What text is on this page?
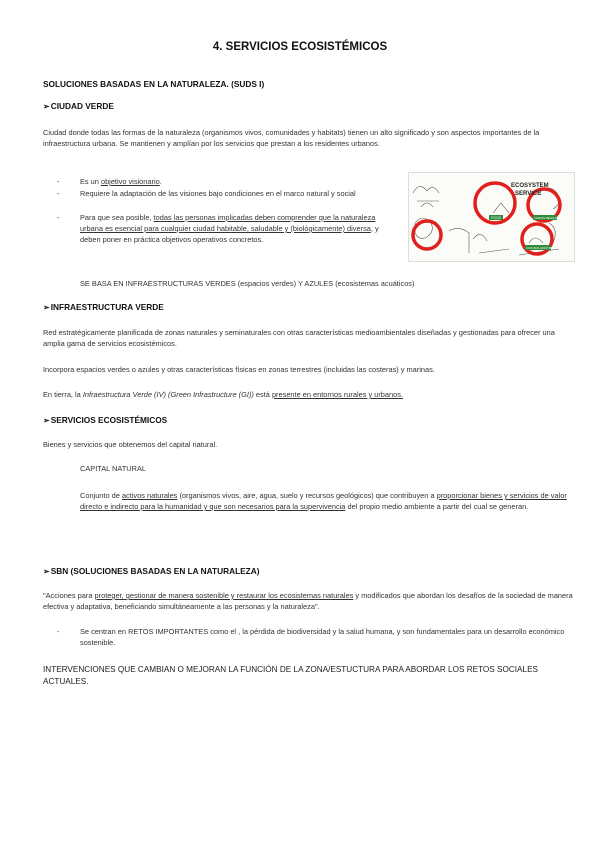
4. SERVICIOS ECOSISTÉMICOS
SOLUCIONES BASADAS EN LA NATURALEZA. (SUDS I)
➢CIUDAD VERDE
Ciudad donde todas las formas de la naturaleza (organismos vivos, comunidades y habitats) tienen un alto significado y son aspectos importantes de la infraestructura urbana. Se mantienen y amplían por los servicios que prestan a los residentes urbanos.
-	Es un objetivo visionario.
-	Requiere la adaptación de las visiones bajo condiciones en el marco natural y social
-	Para que sea posible, todas las personas implicadas deben comprender que la naturaleza urbana es esencial para cualquier ciudad habitable, saludable y (biológicamente) diversa, y deben poner en práctica objetivos operativos concretos.
ECOSYSTEM
SERVICE
FOOD	CLIMATE REGULATION
CULTURAL ENJOYMENT
SE BASA EN INFRAESTRUCTURAS VERDES (espacios verdes) Y AZULES (ecosistemas acuáticos)
➢INFRAESTRUCTURA VERDE
Red estratégicamente planificada de zonas naturales y seminaturales con otras características medioambientales diseñadas y gestionadas para ofrecer una amplia gama de servicios ecosistémicos.
Incorpora espacios verdes o azules y otras características físicas en zonas terrestres (incluidas las costeras) y marinas.
En tierra, la Infraestructura Verde (IV) (Green Infrastructure (GI)) está presente en entornos rurales y urbanos.
➢SERVICIOS ECOSISTÉMICOS
Bienes y servicios que obtenemos del capital natural.
CAPITAL NATURAL
Conjunto de activos naturales (organismos vivos, aire, agua, suelo y recursos geológicos) que contribuyen a proporcionar bienes y servicios de valor directo e indirecto para la humanidad y que son necesarios para la supervivencia del propio medio ambiente a partir del cual se generan.
➢SBN (SOLUCIONES BASADAS EN LA NATURALEZA)
"Acciones para proteger, gestionar de manera sostenible y restaurar los ecosistemas naturales y modificados que abordan los desafíos de la sociedad de manera efectiva y adaptativa, beneficiando simultáneamente a las personas y la naturaleza".
-	Se centran en RETOS IMPORTANTES como el , la pérdida de biodiversidad y la salud humana, y son fundamentales para un desarrollo económico sostenible.
INTERVENCIONES QUE CAMBIAN O MEJORAN LA FUNCIÓN DE LA ZONA/ESTUCTURA PARA ABORDAR LOS RETOS SOCIALES ACTUALES.
